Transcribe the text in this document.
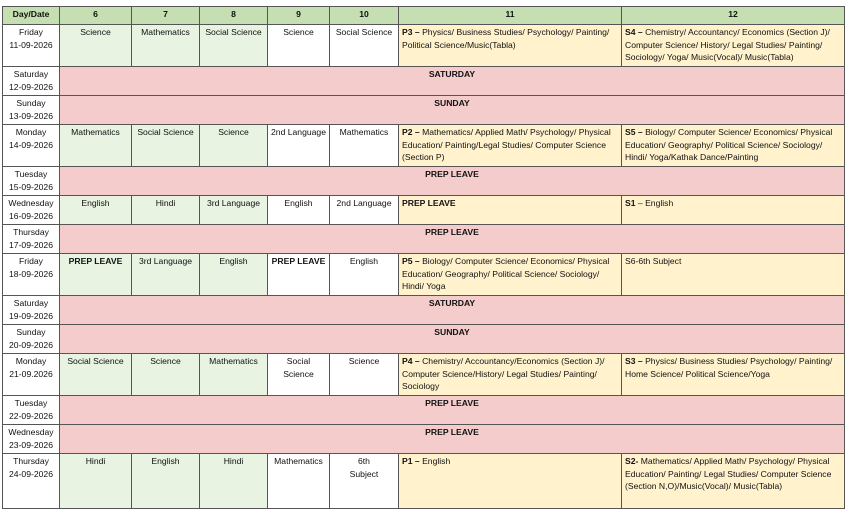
Day/Date	6	7	8	9	10	11	12
Friday
11-09-2026	Science	Mathematics	Social Science	Science	Social Science	P3 – Physics/ Business Studies/ Psychology/ Painting/ Political Science/Music(Tabla)	S4 – Chemistry/ Accountancy/ Economics (Section J)/ Computer Science/ History/ Legal Studies/ Painting/ Sociology/ Yoga/ Music(Vocal)/ Music(Tabla)
Saturday
12-09-2026	SATURDAY						
Sunday
13-09-2026	SUNDAY						
Monday
14-09-2026	Mathematics	Social Science	Science	2nd Language	Mathematics	P2 – Mathematics/ Applied Math/ Psychology/ Physical Education/ Painting/Legal Studies/ Computer Science (Section P)	S5 – Biology/ Computer Science/ Economics/ Physical Education/ Geography/ Political Science/ Sociology/ Hindi/ Yoga/Kathak Dance/Painting
Tuesday
15-09-2026	PREP LEAVE						
Wednesday
16-09-2026	English	Hindi	3rd Language	English	2nd Language	PREP LEAVE	S1 – English
Thursday
17-09-2026	PREP LEAVE						
Friday
18-09-2026	PREP LEAVE	3rd Language	English	PREP LEAVE	English	P5 – Biology/ Computer Science/ Economics/ Physical Education/ Geography/ Political Science/ Sociology/ Hindi/ Yoga	S6-6th Subject
Saturday
19-09-2026	SATURDAY						
Sunday
20-09-2026	SUNDAY						
Monday
21-09.2026	Social Science	Science	Mathematics	Social Science	Science	P4 – Chemistry/ Accountancy/Economics (Section J)/ Computer Science/History/ Legal Studies/ Painting/ Sociology	S3 – Physics/ Business Studies/ Psychology/ Painting/ Home Science/ Political Science/Yoga
Tuesday
22-09-2026	PREP LEAVE						
Wednesday
23-09-2026	PREP LEAVE						
Thursday
24-09-2026	Hindi	English	Hindi	Mathematics	6th Subject	P1 – English	S2- Mathematics/ Applied Math/ Psychology/ Physical Education/ Painting/ Legal Studies/ Computer Science (Section N,O)/Music(Vocal)/ Music(Tabla)
